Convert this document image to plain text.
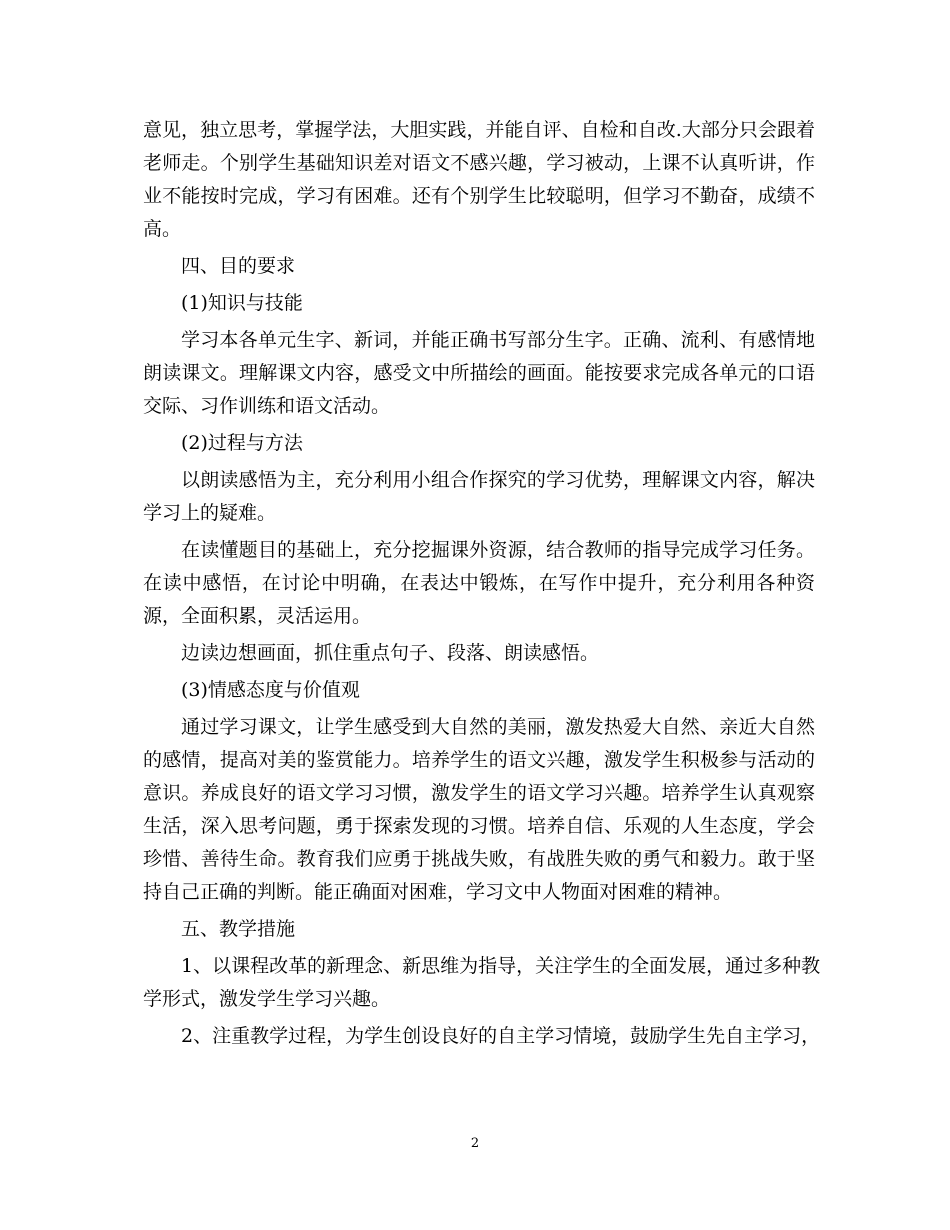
意见，独立思考，掌握学法，大胆实践，并能自评、自检和自改.大部分只会跟着
老师走。个别学生基础知识差对语文不感兴趣，学习被动，上课不认真听讲，作
业不能按时完成，学习有困难。还有个别学生比较聪明，但学习不勤奋，成绩不
高。
四、目的要求
(1)知识与技能
学习本各单元生字、新词，并能正确书写部分生字。正确、流利、有感情地
朗读课文。理解课文内容，感受文中所描绘的画面。能按要求完成各单元的口语
交际、习作训练和语文活动。
(2)过程与方法
以朗读感悟为主，充分利用小组合作探究的学习优势，理解课文内容，解决
学习上的疑难。
在读懂题目的基础上，充分挖掘课外资源，结合教师的指导完成学习任务。
在读中感悟，在讨论中明确，在表达中锻炼，在写作中提升，充分利用各种资
源，全面积累，灵活运用。
边读边想画面，抓住重点句子、段落、朗读感悟。
(3)情感态度与价值观
通过学习课文，让学生感受到大自然的美丽，激发热爱大自然、亲近大自然
的感情，提高对美的鉴赏能力。培养学生的语文兴趣，激发学生积极参与活动的
意识。养成良好的语文学习习惯，激发学生的语文学习兴趣。培养学生认真观察
生活，深入思考问题，勇于探索发现的习惯。培养自信、乐观的人生态度，学会
珍惜、善待生命。教育我们应勇于挑战失败，有战胜失败的勇气和毅力。敢于坚
持自己正确的判断。能正确面对困难，学习文中人物面对困难的精神。
五、教学措施
1、以课程改革的新理念、新思维为指导，关注学生的全面发展，通过多种教
学形式，激发学生学习兴趣。
2、注重教学过程，为学生创设良好的自主学习情境，鼓励学生先自主学习，
2
